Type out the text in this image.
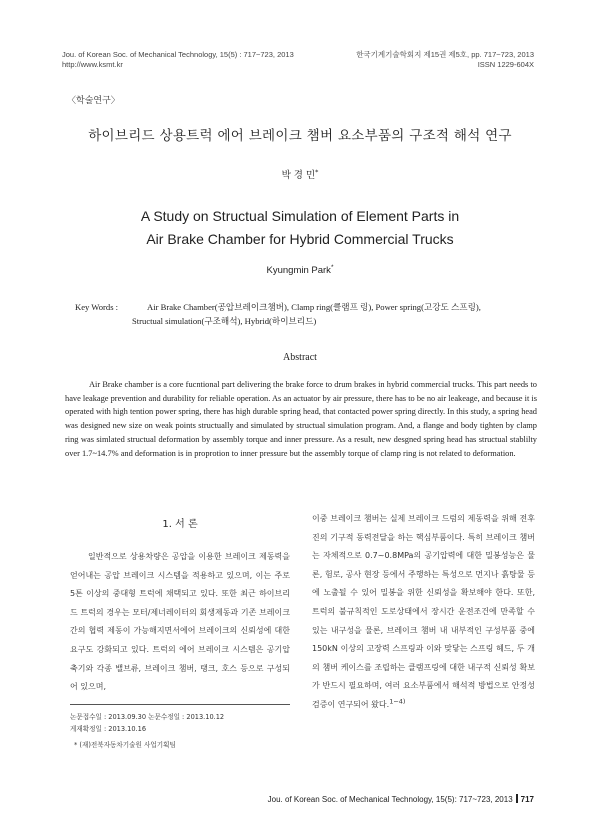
Jou. of Korean Soc. of Mechanical Technology, 15(5) : 717~723, 2013
http://www.ksmt.kr
한국기계기술학회지 제15권 제5호, pp. 717~723, 2013
ISSN 1229-604X
〈학술연구〉
하이브리드 상용트럭 에어 브레이크 챔버 요소부품의 구조적 해석 연구
박 경 민*
A Study on Structual Simulation of Element Parts in
Air Brake Chamber for Hybrid Commercial Trucks
Kyungmin Park*
Key Words :	Air Brake Chamber(공압브레이크챔버), Clamp ring(클램프 링), Power spring(고강도 스프링),
Structual simulation(구조해석), Hybrid(하이브리드)
Abstract
Air Brake chamber is a core fucntional part delivering the brake force to drum brakes in hybrid commercial trucks. This part needs to have leakage prevention and durability for reliable operation. As an actuator by air pressure, there has to be no air leakeage, and because it is operated with high tention power spring, there has high durable spring head, that contacted power spring directly. In this study, a spring head was designed new size on weak points structually and simulated by structual simulation program. And, a flange and body tighten by clamp ring was simlated structual deformation by assembly torque and inner pressure. As a result, new desgned spring head has structual stablilty over 1.7~14.7% and deformation is in proprotion to inner pressure but the assembly torque of clamp ring is not related to deformation.
1. 서 론
일반적으로 상용차량은 공압을 이용한 브레이크 제동력을 얻어내는 공압 브레이크 시스템을 적용하고 있으며, 이는 주로 5톤 이상의 중대형 트럭에 채택되고 있다. 또한 최근 하이브리드 트럭의 경우는 모터/제너레이터의 회생제동과 기존 브레이크 간의 협력 제동이 가능해지면서에어 브레이크의 신뢰성에 대한 요구도 강화되고 있다. 트럭의 에어 브레이크 시스템은 공기압축기와 각종 밸브류, 브레이크 챔버, 탱크, 호스 등으로 구성되어 있으며,
이중 브레이크 챔버는 실제 브레이크 드럼의 제동력을 위해 전후진의 기구적 동력전달을 하는 핵심부품이다. 특히 브레이크 챔버는 자체적으로 0.7~0.8MPa의 공기압력에 대한 밀봉성능은 물론, 험로, 공사 현장 등에서 주행하는 특성으로 먼지나 흙탕물 등에 노출될 수 있어 밀봉을 위한 신뢰성을 확보해야 한다. 또한, 트럭의 불규칙적인 도로상태에서 장시간 운전조건에 만족할 수 있는 내구성을 물론, 브레이크 챔버 내 내부적인 구성부품 중에 150kN 이상의 고장력 스프링과 이와 맞닿는 스프링 헤드, 두 개의 챔버 케이스를 조립하는 클램프링에 대한 내구적 신뢰성 확보가 반드시 필요하며, 여러 요소부품에서 해석적 방법으로 안정성 검증이 연구되어 왔다.$^{1\sim 4)}$
논문접수일 : 2013.09.30 논문수정일 : 2013.10.12
게재확정일 : 2013.10.16
* (재)전북자동차기술원 사업기획팀
Jou. of Korean Soc. of Mechanical Technology, 15(5): 717~723, 2013 717
